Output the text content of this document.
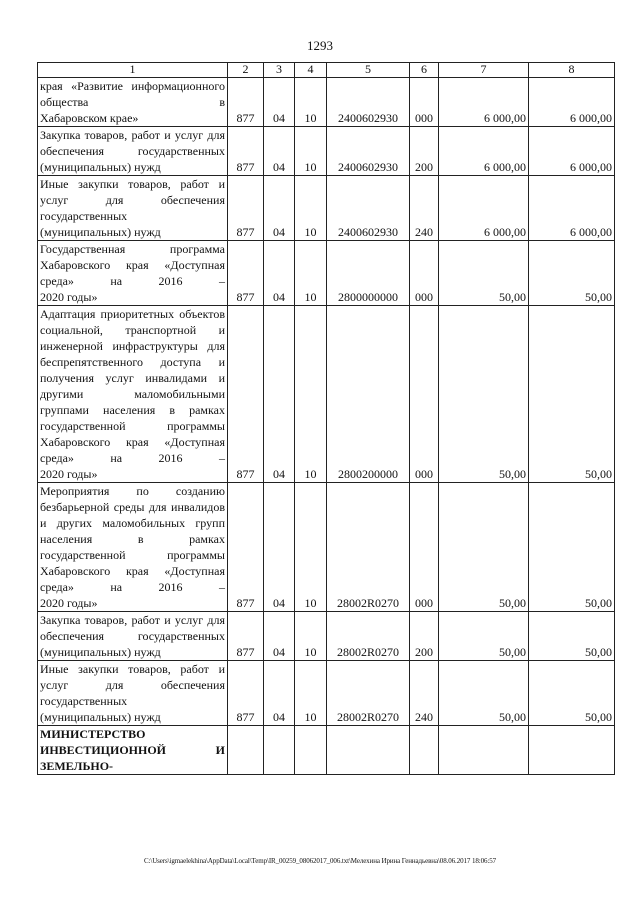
1293
1	2	3	4	5	6	7	8
края «Развитие информационного общества в
Хабаровском крае»	877	04	10	2400602930	000	6 000,00	6 000,00
Закупка товаров, работ и услуг для обеспечения государственных
(муниципальных) нужд	877	04	10	2400602930	200	6 000,00	6 000,00
Иные закупки товаров, работ и услуг для обеспечения государственных
(муниципальных) нужд	877	04	10	2400602930	240	6 000,00	6 000,00
Государственная программа Хабаровского края «Доступная среда» на 2016 –
2020 годы»	877	04	10	2800000000	000	50,00	50,00
Адаптация приоритетных объектов социальной, транспортной и инженерной инфраструктуры для беспрепятственного доступа и получения услуг инвалидами и другими маломобильными группами населения в рамках государственной программы Хабаровского края «Доступная среда» на 2016 –
2020 годы»	877	04	10	2800200000	000	50,00	50,00
Мероприятия по созданию безбарьерной среды для инвалидов и других маломобильных групп населения в рамках государственной программы Хабаровского края «Доступная среда» на 2016 –
2020 годы»	877	04	10	28002R0270	000	50,00	50,00
Закупка товаров, работ и услуг для обеспечения государственных
(муниципальных) нужд	877	04	10	28002R0270	200	50,00	50,00
Иные закупки товаров, работ и услуг для обеспечения государственных
(муниципальных) нужд	877	04	10	28002R0270	240	50,00	50,00
МИНИСТЕРСТВО ИНВЕСТИЦИОННОЙ И
ЗЕМЕЛЬНО-							

C:\Users\igmaelekhina\AppData\Local\Temp\IR_00259_08062017_006.txt\Мелехина Ирина Геннадьевна\08.06.2017 18:06:57
